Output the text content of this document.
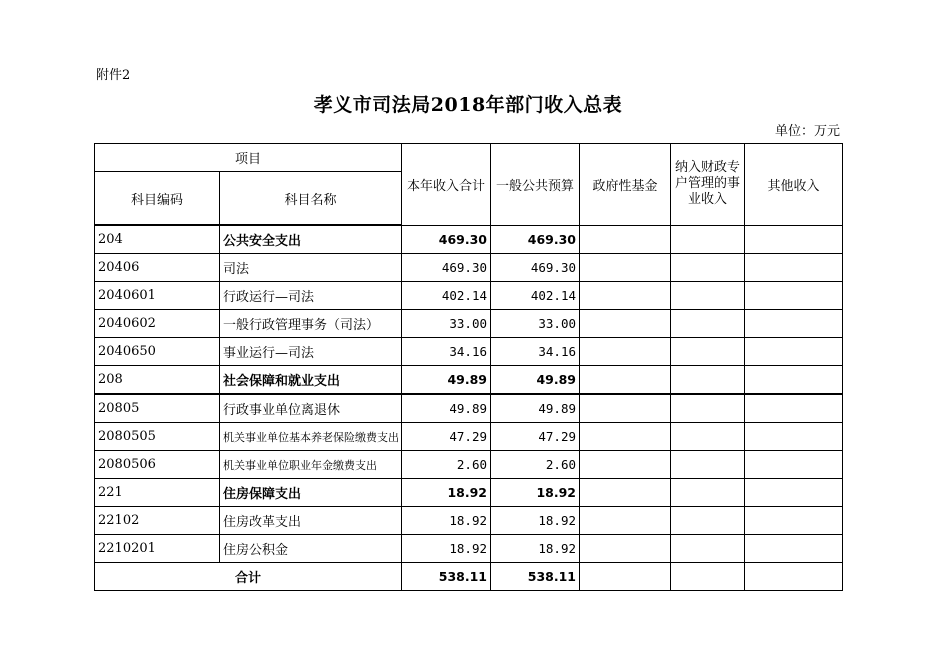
附件2
孝义市司法局2018年部门收入总表
单位：万元
项目		本年收入合计	一般公共预算	政府性基金	纳入财政专户管理的事业收入	其他收入
科目编码	科目名称					
204	公共安全支出	469.30	469.30			
20406	司法	469.30	469.30			
2040601	行政运行—司法	402.14	402.14			
2040602	一般行政管理事务（司法）	33.00	33.00			
2040650	事业运行—司法	34.16	34.16			
208	社会保障和就业支出	49.89	49.89			
20805	行政事业单位离退休	49.89	49.89			
2080505	机关事业单位基本养老保险缴费支出	47.29	47.29			
2080506	机关事业单位职业年金缴费支出	2.60	2.60			
221	住房保障支出	18.92	18.92			
22102	住房改革支出	18.92	18.92			
2210201	住房公积金	18.92	18.92			
合计		538.11	538.11			
